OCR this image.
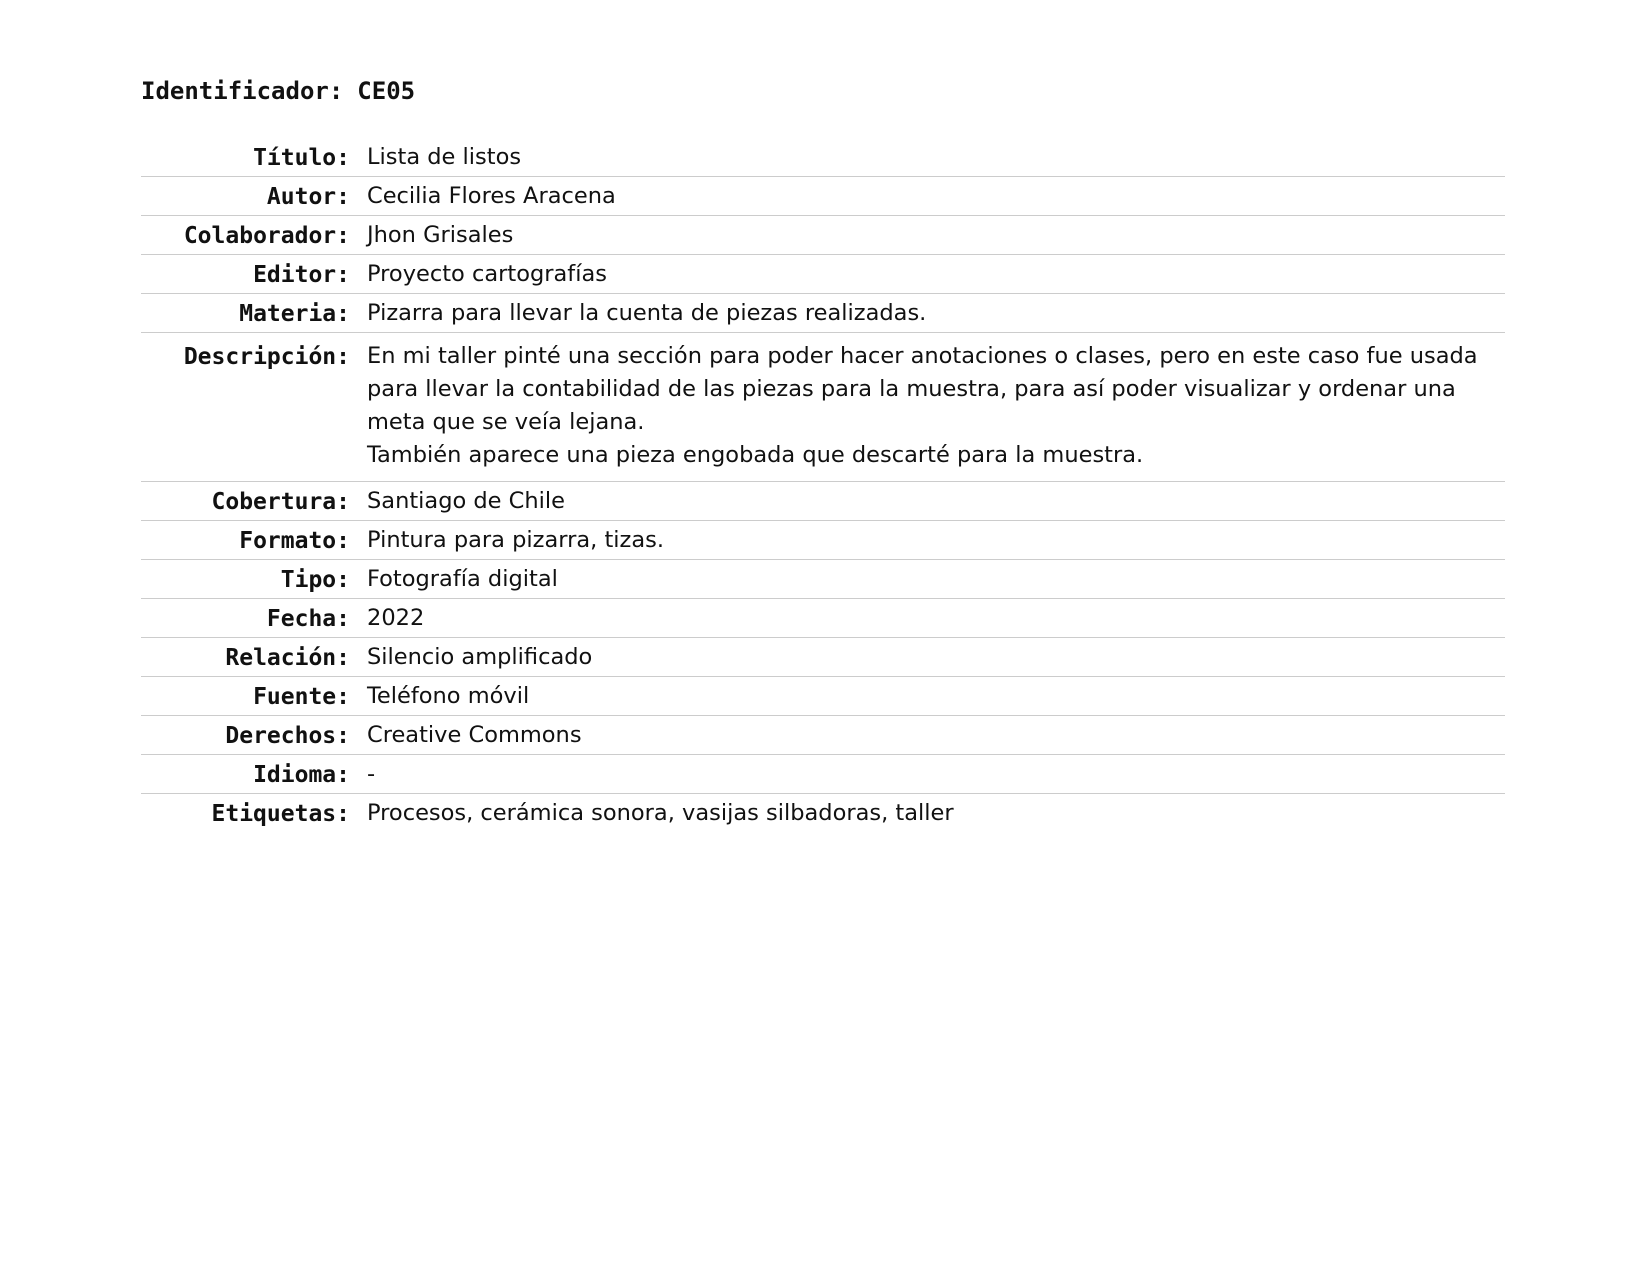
Identificador: CE05
Título: Lista de listos
Autor: Cecilia Flores Aracena
Colaborador: Jhon Grisales
Editor: Proyecto cartografías
Materia: Pizarra para llevar la cuenta de piezas realizadas.
Descripción: En mi taller pinté una sección para poder hacer anotaciones o clases, pero en este caso fue usada para llevar la contabilidad de las piezas para la muestra, para así poder visualizar y ordenar una meta que se veía lejana.

También aparece una pieza engobada que descarté para la muestra.

Cobertura: Santiago de Chile
Formato: Pintura para pizarra, tizas.
Tipo: Fotografía digital
Fecha: 2022
Relación: Silencio amplificado
Fuente: Teléfono móvil
Derechos: Creative Commons
Idioma: -
Etiquetas: Procesos, cerámica sonora, vasijas silbadoras, taller
